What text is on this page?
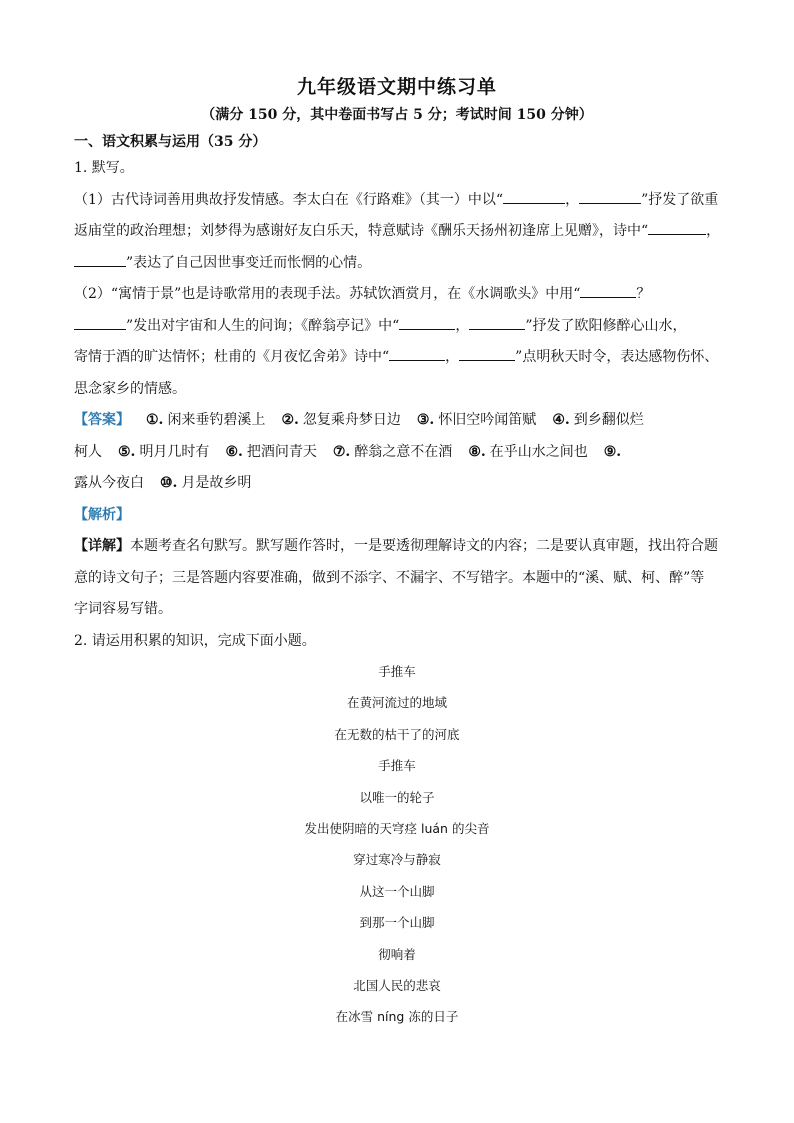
九年级语文期中练习单
（满分 150 分，其中卷面书写占 5 分；考试时间 150 分钟）
一、语文积累与运用（35 分）

1. 默写。

（1）古代诗词善用典故抒发情感。李太白在《行路难》（其一）中以“	，	”抒发了欲重
返庙堂的政治理想；刘梦得为感谢好友白乐天，特意赋诗《酬乐天扬州初逢席上见赠》，诗中“	，
”表达了自己因世事变迁而怅惘的心情。

（2）“寓情于景”也是诗歌常用的表现手法。苏轼饮酒赏月，在《水调歌头》中用“	？
”发出对宇宙和人生的问询；《醉翁亭记》中“	，	”抒发了欧阳修醉心山水，
寄情于酒的旷达情怀；杜甫的《月夜忆舍弟》诗中“	，	”点明秋天时令，表达感物伤怀、
思念家乡的情感。

【答案】 ①. 闲来垂钓碧溪上 ②. 忽复乘舟梦日边 ③. 怀旧空吟闻笛赋 ④. 到乡翻似烂
柯人 ⑤. 明月几时有 ⑥. 把酒问青天 ⑦. 醉翁之意不在酒 ⑧. 在乎山水之间也 ⑨.
露从今夜白 ⑩. 月是故乡明

【解析】

【详解】本题考查名句默写。默写题作答时，一是要透彻理解诗文的内容；二是要认真审题，找出符合题
意的诗文句子；三是答题内容要准确，做到不添字、不漏字、不写错字。本题中的“溪、赋、柯、醉”等
字词容易写错。

2. 请运用积累的知识，完成下面小题。

手推车
在黄河流过的地域
在无数的枯干了的河底
手推车
以唯一的轮子
发出使阴暗的天穹痉 luán 的尖音
穿过寒冷与静寂
从这一个山脚
到那一个山脚
彻响着
北国人民的悲哀
在冰雪 níng 冻的日子
